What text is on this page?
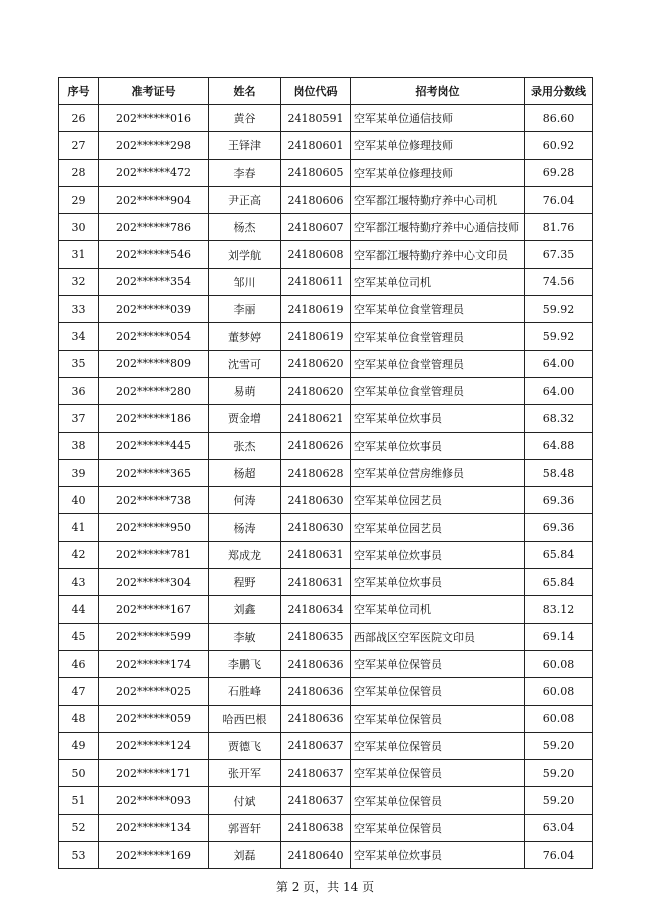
序号	准考证号	姓名	岗位代码	招考岗位	录用分数线
26	202******016	黄谷	24180591	空军某单位通信技师	86.60
27	202******298	王铎津	24180601	空军某单位修理技师	60.92
28	202******472	李春	24180605	空军某单位修理技师	69.28
29	202******904	尹正高	24180606	空军都江堰特勤疗养中心司机	76.04
30	202******786	杨杰	24180607	空军都江堰特勤疗养中心通信技师	81.76
31	202******546	刘学航	24180608	空军都江堰特勤疗养中心文印员	67.35
32	202******354	邹川	24180611	空军某单位司机	74.56
33	202******039	李丽	24180619	空军某单位食堂管理员	59.92
34	202******054	董梦婷	24180619	空军某单位食堂管理员	59.92
35	202******809	沈雪可	24180620	空军某单位食堂管理员	64.00
36	202******280	易萌	24180620	空军某单位食堂管理员	64.00
37	202******186	贾金增	24180621	空军某单位炊事员	68.32
38	202******445	张杰	24180626	空军某单位炊事员	64.88
39	202******365	杨超	24180628	空军某单位营房维修员	58.48
40	202******738	何涛	24180630	空军某单位园艺员	69.36
41	202******950	杨涛	24180630	空军某单位园艺员	69.36
42	202******781	郑成龙	24180631	空军某单位炊事员	65.84
43	202******304	程野	24180631	空军某单位炊事员	65.84
44	202******167	刘鑫	24180634	空军某单位司机	83.12
45	202******599	李敏	24180635	西部战区空军医院文印员	69.14
46	202******174	李鹏飞	24180636	空军某单位保管员	60.08
47	202******025	石胜峰	24180636	空军某单位保管员	60.08
48	202******059	哈西巴根	24180636	空军某单位保管员	60.08
49	202******124	贾德飞	24180637	空军某单位保管员	59.20
50	202******171	张开军	24180637	空军某单位保管员	59.20
51	202******093	付斌	24180637	空军某单位保管员	59.20
52	202******134	郭晋轩	24180638	空军某单位保管员	63.04
53	202******169	刘磊	24180640	空军某单位炊事员	76.04
第 2 页，共 14 页
